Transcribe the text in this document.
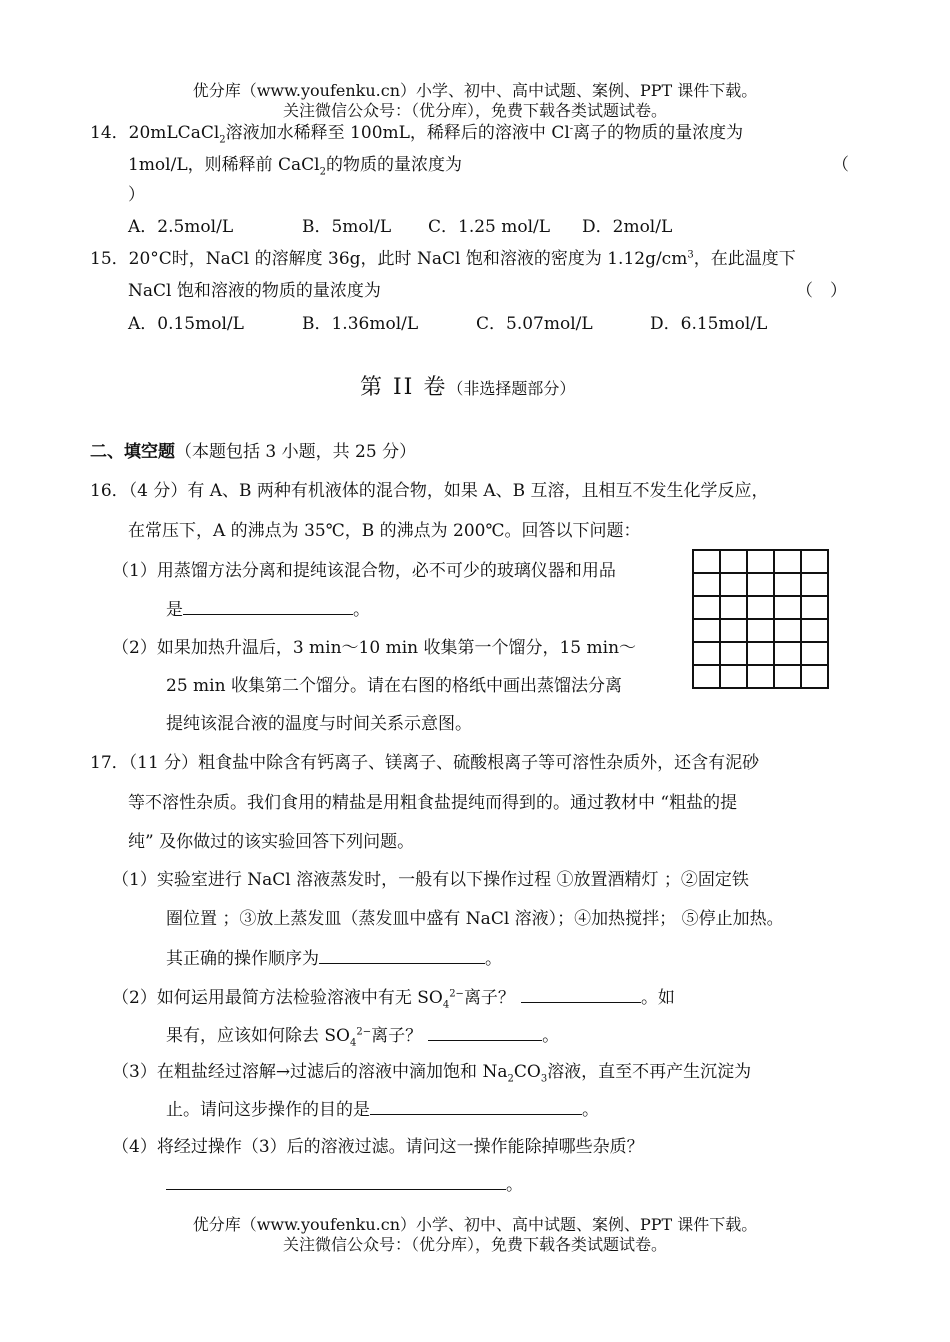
优分库（www.youfenku.cn）小学、初中、高中试题、案例、PPT 课件下载。
关注微信公众号：（优分库），免费下载各类试题试卷。
14．20mLCaCl$_2$溶液加水稀释至 100mL，稀释后的溶液中 Cl-离子的物质的量浓度为
1mol/L，则稀释前 CaCl$_2$的物质的量浓度为	（
）
A．2.5mol/L	B．5mol/L C．1.25 mol/L D．2mol/L
15．20°C时，NaCl 的溶解度 36g，此时 NaCl 饱和溶液的密度为 $1.12g/cm^3$，在此温度下
NaCl 饱和溶液的物质的量浓度为	（　）
A．0.15mol/L	B．1.36mol/L	C．5.07mol/L	D．6.15mol/L
第 II 卷（非选择题部分）
二、填空题（本题包括 3 小题，共 25 分）
16．（4 分）有 A、B 两种有机液体的混合物，如果 A、B 互溶，且相互不发生化学反应，
在常压下，A 的沸点为 35℃，B 的沸点为 200℃。回答以下问题：
（1）用蒸馏方法分离和提纯该混合物，必不可少的玻璃仪器和用品
是	。
（2）如果加热升温后，3 min～10 min 收集第一个馏分，15 min～
25 min 收集第二个馏分。请在右图的格纸中画出蒸馏法分离
提纯该混合液的温度与时间关系示意图。

17．（11 分）粗食盐中除含有钙离子、镁离子、硫酸根离子等可溶性杂质外，还含有泥砂
等不溶性杂质。我们食用的精盐是用粗食盐提纯而得到的。通过教材中 “粗盐的提
纯” 及你做过的该实验回答下列问题。
（1）实验室进行 NaCl 溶液蒸发时，一般有以下操作过程 ①放置酒精灯 ；②固定铁
圈位置 ；③放上蒸发皿（蒸发皿中盛有 NaCl 溶液）；④加热搅拌； ⑤停止加热。
其正确的操作顺序为	。
（2）如何运用最简方法检验溶液中有无 $SO_4^{2-}$离子？	。如
果有，应该如何除去 $SO_4^{2-}$离子？	。
（3）在粗盐经过溶解→过滤后的溶液中滴加饱和 $Na_2CO_3$溶液，直至不再产生沉淀为
止。请问这步操作的目的是	。
（4）将经过操作（3）后的溶液过滤。请问这一操作能除掉哪些杂质？
。
优分库（www.youfenku.cn）小学、初中、高中试题、案例、PPT 课件下载。
关注微信公众号：（优分库），免费下载各类试题试卷。
